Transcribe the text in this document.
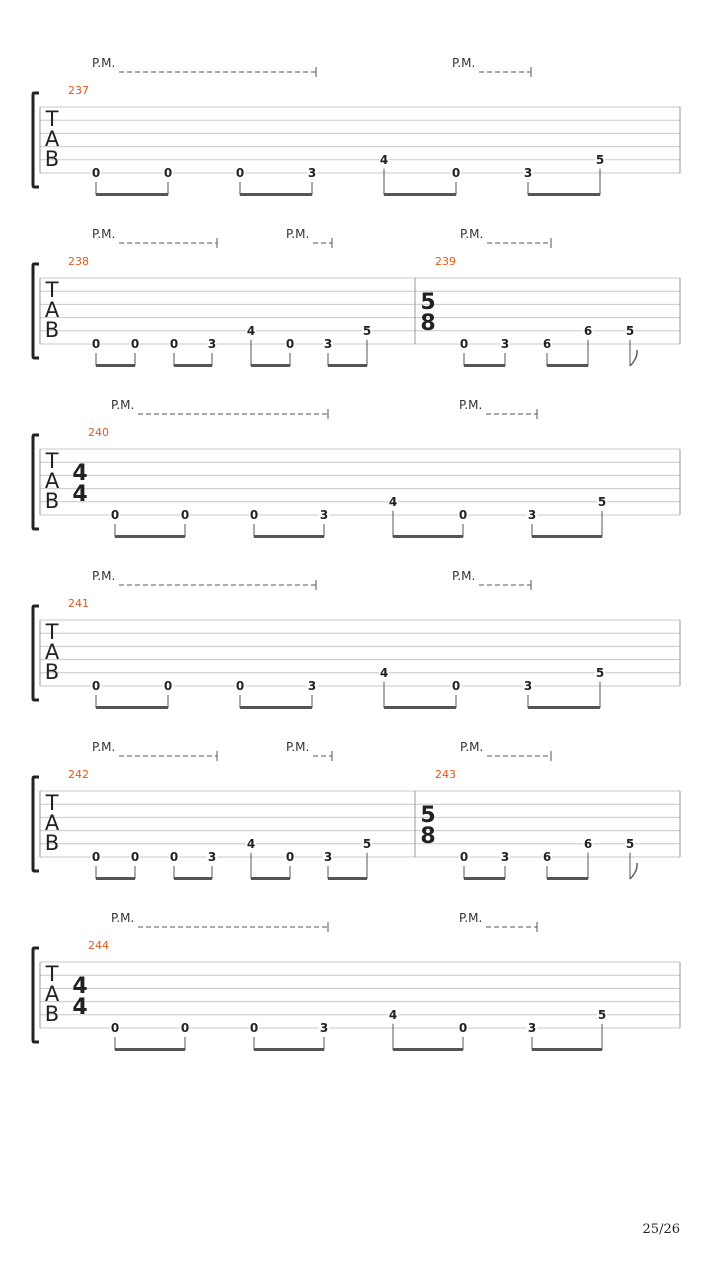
T
A
B
P.M.	P.M.
237
0	0	0	3
4
0	3
5
T
A
B
P.M.	P.M.	P.M.
238
0	0	0 3
4
0 3
5
239
5
8
0	3	6
6	5
T
A
B
P.M.	P.M.
240
4
4
0	0	0	3
4
0	3
5
T
A
B
P.M.	P.M.
241
0	0	0	3
4
0	3
5
T
A
B
P.M.	P.M.	P.M.
242
0	0	0 3
4
0 3
5
243
5
8
0	3	6
6	5
T
A
B
P.M.	P.M.
244
4
4
0	0	0	3
4
0	3
5
25/26
